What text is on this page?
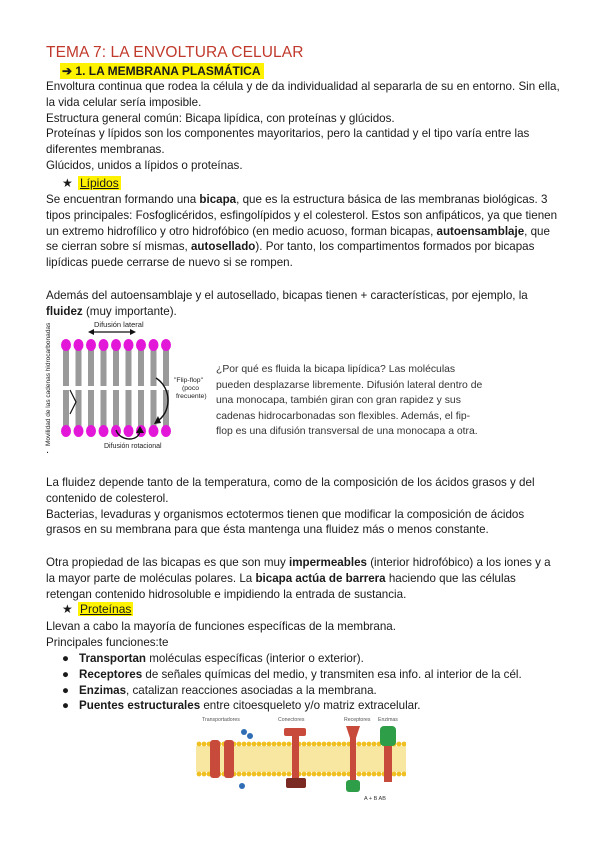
TEMA 7: LA ENVOLTURA CELULAR
➔ 1. LA MEMBRANA PLASMÁTICA

Envoltura continua que rodea la célula y de da individualidad al separarla de su en entorno. Sin ella, la vida celular sería imposible.

Estructura general común: Bicapa lipídica, con proteínas y glúcidos.

Proteínas y lípidos son los componentes mayoritarios, pero la cantidad y el tipo varía entre las diferentes membranas.

Glúcidos, unidos a lípidos o proteínas.

★ Lípidos

Se encuentran formando una bicapa, que es la estructura básica de las membranas biológicas. 3 tipos principales: Fosfoglicéridos, esfingolípidos y el colesterol. Estos son anfipáticos, ya que tienen un extremo hidrofílico y otro hidrofóbico (en medio acuoso, forman bicapas, autoensamblaje, que se cierran sobre sí mismas, autosellado). Por tanto, los compartimentos formados por bicapas lipídicas puede cerrarse de nuevo si se rompen.

Además del autoensamblaje y el autosellado, bicapas tienen + características, por ejemplo, la fluidez (muy importante).

Difusión lateral
"Flip-flop" (poco frecuente)
Difusión rotacional
Movilidad de las cadenas hidrocarbonadas	¿Por qué es fluida la bicapa lipídica? Las moléculas pueden desplazarse libremente. Difusión lateral dentro de una monocapa, también giran con gran rapidez y sus cadenas hidrocarbonadas son flexibles. Además, el fip-flop es una difusión transversal de una monocapa a otra.
.

La fluidez depende tanto de la temperatura, como de la composición de los ácidos grasos y del contenido de colesterol.

Bacterias, levaduras y organismos ectotermos tienen que modificar la composición de ácidos grasos en su membrana para que ésta mantenga una fluidez más o menos constante.

Otra propiedad de las bicapas es que son muy impermeables (interior hidrofóbico) a los iones y a la mayor parte de moléculas polares. La bicapa actúa de barrera haciendo que las células retengan contenido hidrosoluble e impidiendo la entrada de sustancia.

★ Proteínas

Llevan a cabo la mayoría de funciones específicas de la membrana.

Principales funciones:te

● Transportan moléculas específicas (interior o exterior).
● Receptores de señales químicas del medio, y transmiten esa info. al interior de la cél.
● Enzimas, catalizan reacciones asociadas a la membrana.
● Puentes estructurales entre citoesqueleto y/o matriz extracelular.
Transportadores	Conectores	Receptores Enzimas
A + B AB
